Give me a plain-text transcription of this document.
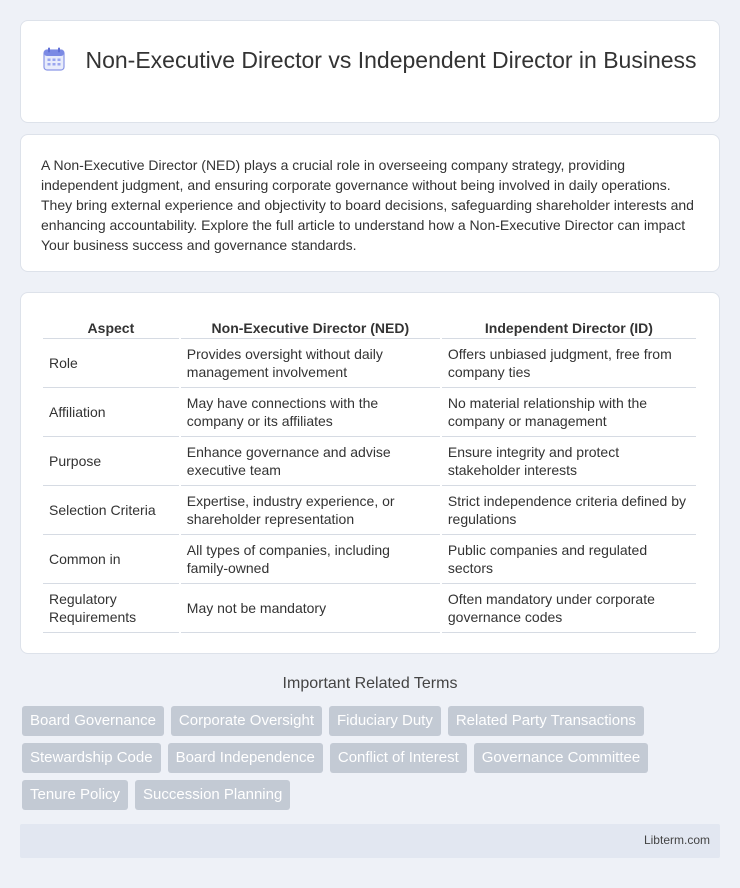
Non-Executive Director vs Independent Director in Business

A Non-Executive Director (NED) plays a crucial role in overseeing company strategy, providing independent judgment, and ensuring corporate governance without being involved in daily operations. They bring external experience and objectivity to board decisions, safeguarding shareholder interests and enhancing accountability. Explore the full article to understand how a Non-Executive Director can impact Your business success and governance standards.

Aspect	Non-Executive Director (NED)	Independent Director (ID)
Role	Provides oversight without daily management involvement	Offers unbiased judgment, free from company ties
Affiliation	May have connections with the company or its affiliates	No material relationship with the company or management
Purpose	Enhance governance and advise executive team	Ensure integrity and protect stakeholder interests
Selection Criteria	Expertise, industry experience, or shareholder representation	Strict independence criteria defined by regulations
Common in	All types of companies, including family-owned	Public companies and regulated sectors
Regulatory Requirements	May not be mandatory	Often mandatory under corporate governance codes
Important Related Terms
Board Governance	Corporate Oversight	Fiduciary Duty	Related Party Transactions
Stewardship Code	Board Independence	Conflict of Interest	Governance Committee
Tenure Policy	Succession Planning
Libterm.com
